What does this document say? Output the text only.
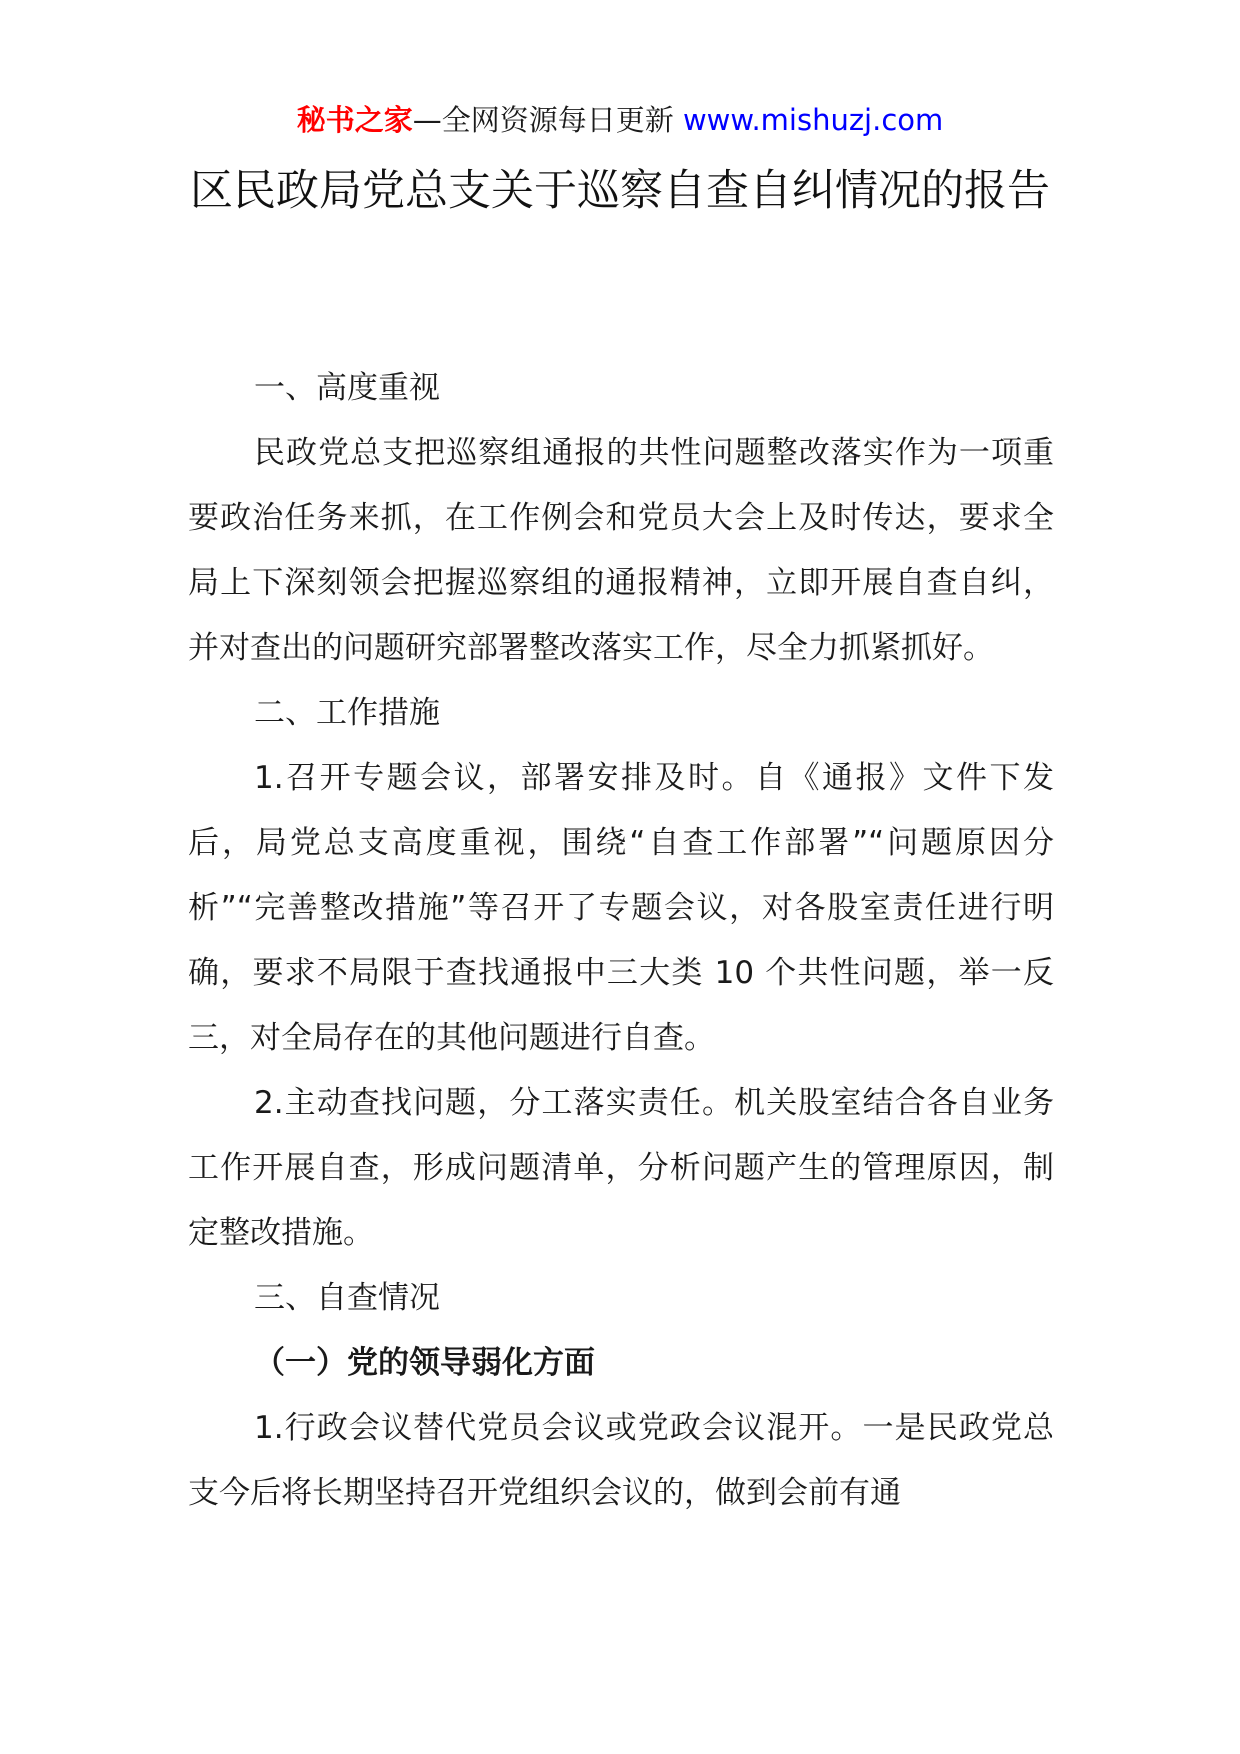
秘书之家—全网资源每日更新 www.mishuzj.com
区民政局党总支关于巡察自查自纠情况的报告

一、高度重视

民政党总支把巡察组通报的共性问题整改落实作为一项重要政治任务来抓，在工作例会和党员大会上及时传达，要求全局上下深刻领会把握巡察组的通报精神，立即开展自查自纠，并对查出的问题研究部署整改落实工作，尽全力抓紧抓好。

二、工作措施

1.召开专题会议，部署安排及时。自《通报》文件下发后，局党总支高度重视，围绕“自查工作部署”“问题原因分析”“完善整改措施”等召开了专题会议，对各股室责任进行明确，要求不局限于查找通报中三大类 10 个共性问题，举一反三，对全局存在的其他问题进行自查。

2.主动查找问题，分工落实责任。机关股室结合各自业务工作开展自查，形成问题清单，分析问题产生的管理原因，制定整改措施。

三、自查情况

（一）党的领导弱化方面

1.行政会议替代党员会议或党政会议混开。一是民政党总支今后将长期坚持召开党组织会议的，做到会前有通
